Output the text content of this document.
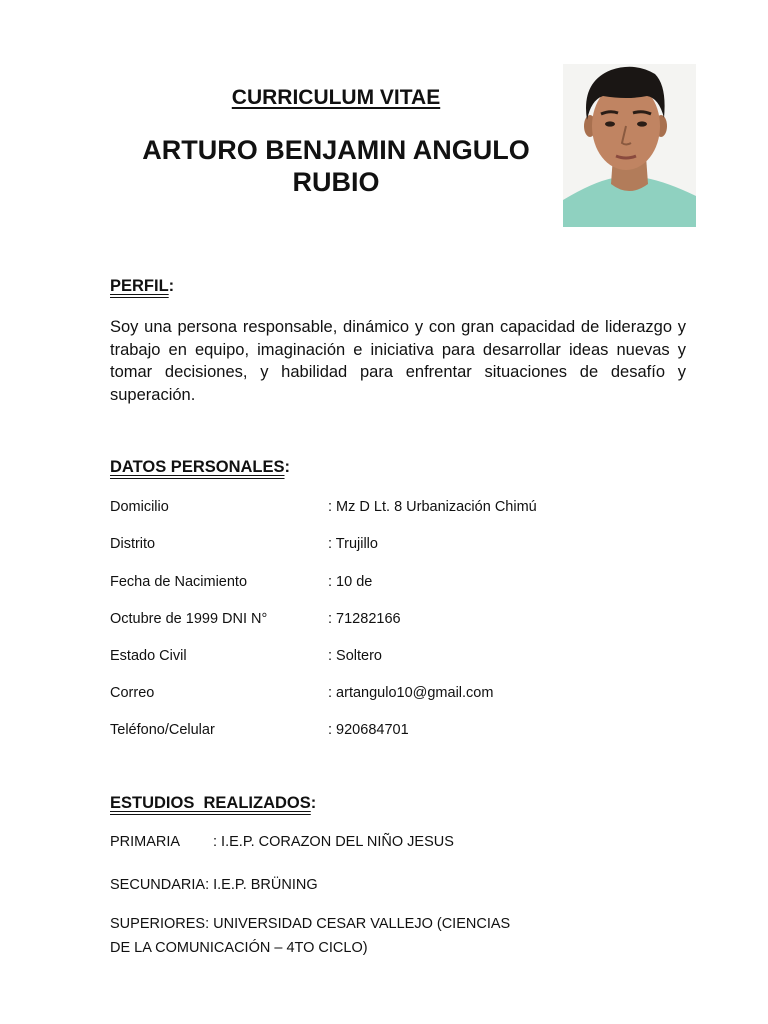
CURRICULUM VITAE
ARTURO BENJAMIN ANGULO
RUBIO
PERFIL:
Soy una persona responsable, dinámico y con gran capacidad de liderazgo y trabajo en equipo, imaginación e iniciativa para desarrollar ideas nuevas y tomar decisiones, y habilidad para enfrentar situaciones de desafío y superación.
DATOS PERSONALES:
Domicilio	: Mz D Lt. 8 Urbanización Chimú
Distrito	: Trujillo
Fecha de Nacimiento	: 10 de
Octubre de 1999 DNI N°	: 71282166
Estado Civil	: Soltero
Correo	: artangulo10@gmail.com
Teléfono/Celular	: 920684701
ESTUDIOS  REALIZADOS:
PRIMARIA : I.E.P. CORAZON DEL NIÑO JESUS
SECUNDARIA: I.E.P. BRÜNING
SUPERIORES: UNIVERSIDAD CESAR VALLEJO (CIENCIAS
DE LA COMUNICACIÓN – 4TO CICLO)
